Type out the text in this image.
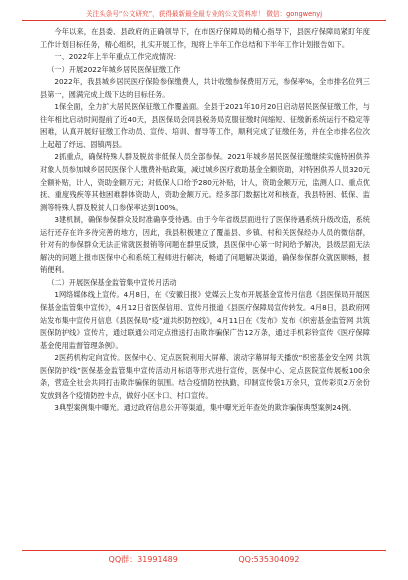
关注头条号“公文研究”，获得最新最全最专业的公文资料库！ 微信：gongwenyj

今年以来，在县委、县政府的正确领导下，在市医疗保障局的精心指导下，县医疗保障局紧盯年度工作计划目标任务，精心组织，扎实开展工作，现将上半年工作总结和下半年工作计划报告如下。

一、2022年上半年重点工作完成情况：

（一）开展2022年城乡居民医保征缴工作

2022年，我县城乡居民医疗保险参保缴费人，共计收缴参保费用万元，参保率%，全市排名位列三县第一，圆满完成上级下达的目标任务。

1保全面，全力扩大居民医保征缴工作覆盖面。全县于2021年10月20日启动居民医保征缴工作，与往年相比启动时间提前了近40天，县医保局会同县税务局克服征缴时间缩短、征缴新系统运行不稳定等困难，认真开展好征缴工作动员、宣传、培训、督导等工作，顺利完成了征缴任务，并在全市排名位次上起超了纾远、固镇两县。

2抓重点，确保特殊人群及脱贫非低保人员全部参保。2021年城乡居民医保征缴继续实施特困供养对象人员参加城乡居民医保个人缴费补贴政策，减过城乡医疗救助基金全额资助，对特困供养人员320元全额补贴，计人，资助金额万元；对低保人口给予280元补贴，计人，资助金额万元，监测人口、重点优抚、重度残疾等其他困难群体资助人，资助金额万元。经多部门数据比对和核查，我县特困、低保、监测等特殊人群及脱贫人口参保率达到100%。

3建机制，确保参保群众及时准确享受待遇。由于今年省级层面进行了医保待遇系统升级改造，系统运行还存在许多待完善的地方，因此，我县积极建立了覆盖县、乡镇、村和关医保经办人员的微信群，针对有的参保群众无法正常就医报销等问题在群里反馈，县医保中心第一时间给予解决，县级层面无法解决的问题上报市医保中心和系统工程师进行解决，畅通了问题解决渠道，确保参保群众就医顺畅，报销便利。

（二）开展医保基金监管集中宣传月活动

1网络媒体线上宣传。4月8日，在《安徽日报》党媒云上发布开展基金宣传月信息《县医保局开展医保基金监管集中宣传》，4月12日省医保信用、宣传月报道《县医疗保障局宣传转发。4月8日，县政府网站发布集中宣传月信息《县医保局“疫”道共织防控线》，4月11日在《发布》发布《织密基金监管网 共筑医保防护线》宣传片，通过联通公司定点推送打击欺诈骗保广告12万条，通过手机彩铃宣传《医疗保障基金使用监督管理条例》。

2医药机构定向宣传。医保中心、定点医院利用大屏幕、滚动字幕屏每天播放“织密基金安全网 共筑医保防护线”医保基金监管集中宣传活动月标语等形式进行宣传，医保中心、定点医院宣传展板100余条，营造全社会共同打击欺诈骗保的氛围。结合疫情防控执勤，印制宣传袋1万余只，宣传彩页2万余份发放到各个疫情防控卡点，做好小区卡口、村口宣传。

3典型案例集中曝光。通过政府信息公开等渠道，集中曝光近年查处的欺诈骗保典型案例24例。

QQ群：31991489	QQ:535304092
